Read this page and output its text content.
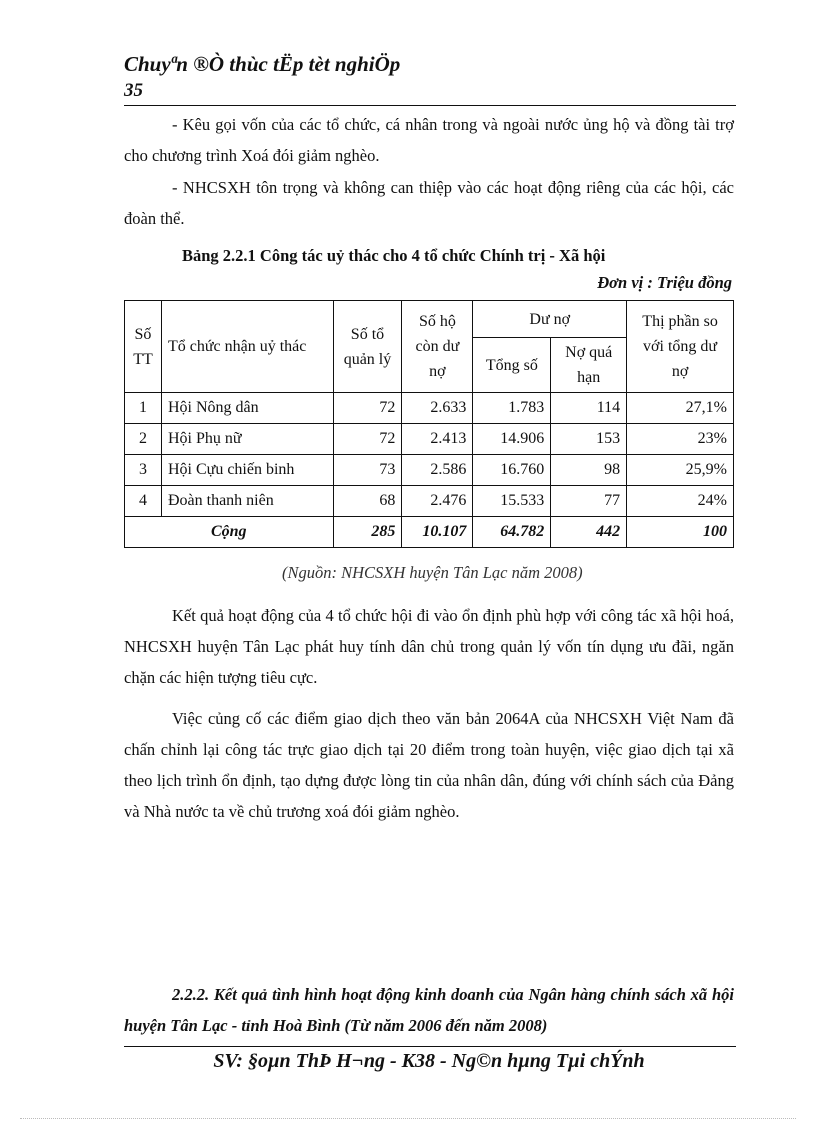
Chuyªn ®Ò thùc tËp tèt nghiÖp
35
- Kêu gọi vốn của các tổ chức, cá nhân trong và ngoài nước ủng hộ và đồng tài trợ cho chương trình Xoá đói giảm nghèo.
- NHCSXH tôn trọng và không can thiệp vào các hoạt động riêng của các hội, các đoàn thể.
Bảng 2.2.1 Công tác uỷ thác cho 4 tổ chức Chính trị - Xã hội
Đơn vị : Triệu đồng
Số TT	Tổ chức nhận uỷ thác	Số tổ quản lý	Số hộ còn dư nợ	Dư nợ		Thị phần so với tổng dư nợ
				Tổng số	Nợ quá hạn	
1	Hội Nông dân	72	2.633	1.783	114	27,1%
2	Hội Phụ nữ	72	2.413	14.906	153	23%
3	Hội Cựu chiến binh	73	2.586	16.760	98	25,9%
4	Đoàn thanh niên	68	2.476	15.533	77	24%
Cộng		285	10.107	64.782	442	100
(Nguồn: NHCSXH huyện Tân Lạc năm 2008)
Kết quả hoạt động của 4 tổ chức hội đi vào ổn định phù hợp với công tác xã hội hoá, NHCSXH huyện Tân Lạc phát huy tính dân chủ trong quản lý vốn tín dụng ưu đãi, ngăn chặn các hiện tượng tiêu cực.
Việc củng cố các điểm giao dịch theo văn bản 2064A của NHCSXH Việt Nam đã chấn chỉnh lại công tác trực giao dịch tại 20 điểm trong toàn huyện, việc giao dịch tại xã theo lịch trình ổn định, tạo dựng được lòng tin của nhân dân, đúng với chính sách của Đảng và Nhà nước ta về chủ trương xoá đói giảm nghèo.
2.2.2. Kết quả tình hình hoạt động kinh doanh của Ngân hàng chính sách xã hội huyện Tân Lạc - tỉnh Hoà Bình (Từ năm 2006 đến năm 2008)
SV: §oµn ThÞ H¬ng - K38 - Ng©n hµng Tµi chÝnh
